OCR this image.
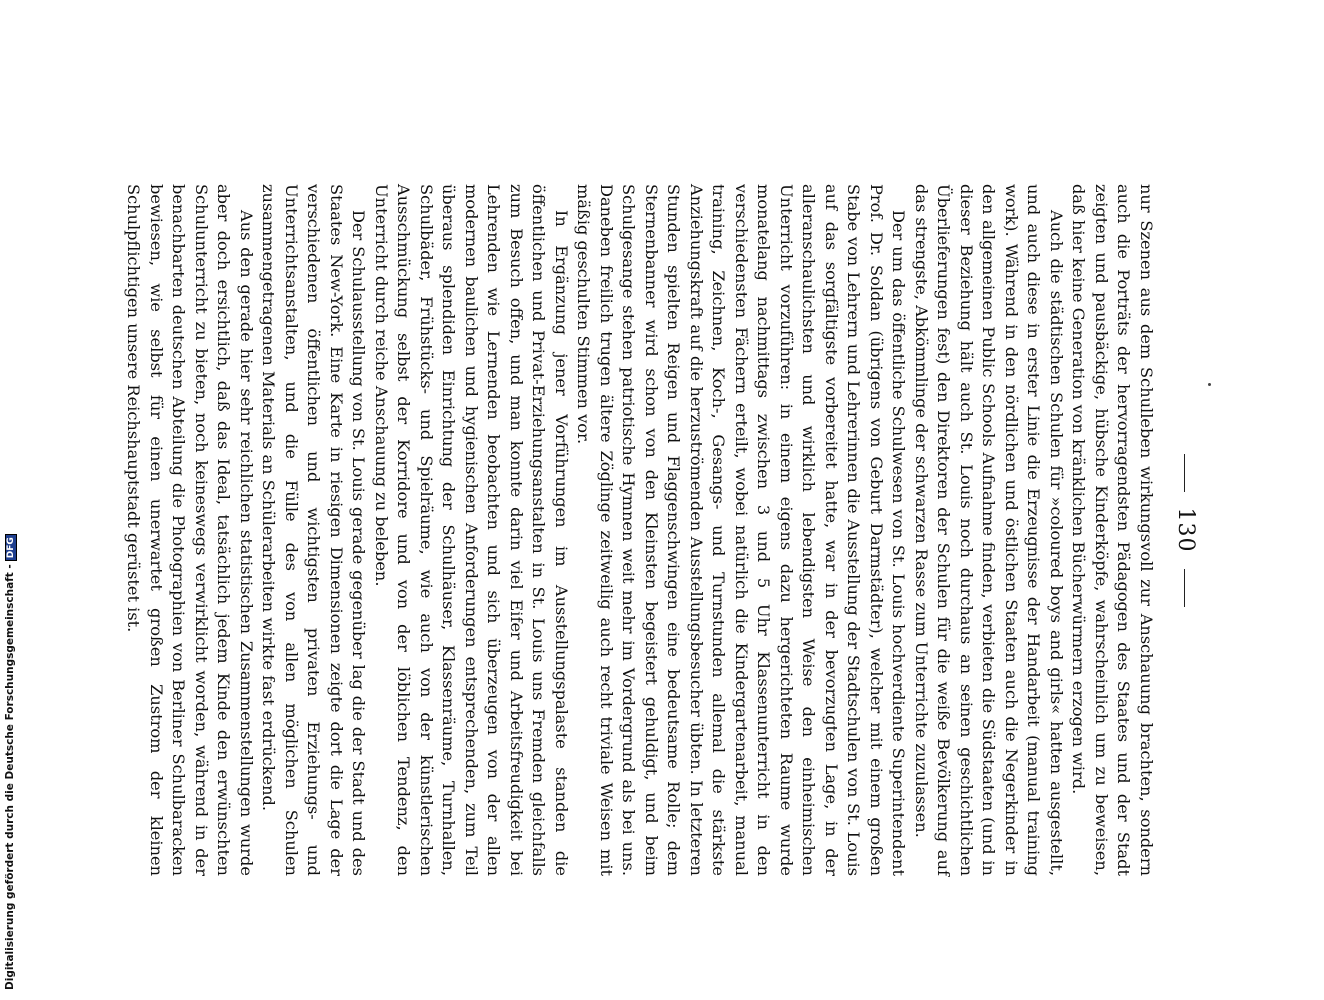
Digitalisierung gefördert durch die Deutsche Forschungsgemeinschaft -DFG	130

nur Szenen aus dem Schulleben wirkungsvoll zur Anschauung brachten, sondern auch die Porträts der hervorragendsten Pädagogen des Staates und der Stadt zeigten und pausbäckige, hübsche Kinderköpfe, wahrscheinlich um zu beweisen, daß hier keine Generation von kränklichen Bücherwürmern erzogen wird.

Auch die städtischen Schulen für »coloured boys and girls« hatten ausgestellt, und auch diese in erster Linie die Erzeugnisse der Handarbeit (manual training work). Während in den nördlichen und östlichen Staaten auch die Negerkinder in den allgemeinen Public Schools Aufnahme finden, verbieten die Südstaaten (und in dieser Beziehung hält auch St. Louis noch durchaus an seinen geschichtlichen Überlieferungen fest) den Direktoren der Schulen für die weiße Bevölkerung auf das strengste, Abkömmlinge der schwarzen Rasse zum Unterrichte zuzulassen.

Der um das öffentliche Schulwesen von St. Louis hochverdiente Superintendent Prof. Dr. Soldan (übrigens von Geburt Darmstädter), welcher mit einem großen Stabe von Lehrern und Lehrerinnen die Ausstellung der Stadtschulen von St. Louis auf das sorgfältigste vorbereitet hatte, war in der bevorzugten Lage, in der alleranschaulichsten und wirklich lebendigsten Weise den einheimischen Unterricht vorzuführen: in einem eigens dazu hergerichteten Raume wurde monatelang nachmittags zwischen 3 und 5 Uhr Klassenunterricht in den verschiedensten Fächern erteilt, wobei natürlich die Kindergartenarbeit, manual training, Zeichnen, Koch-, Gesangs- und Turnstunden allemal die stärkste Anziehungskraft auf die herzuströmenden Ausstellungsbesucher übten. In letzteren Stunden spielten Reigen und Flaggenschwingen eine bedeutsame Rolle; dem Sternenbanner wird schon von den Kleinsten begeistert gehuldigt, und beim Schulgesange stehen patriotische Hymnen weit mehr im Vordergrund als bei uns. Daneben freilich trugen ältere Zöglinge zeitweilig auch recht triviale Weisen mit mäßig geschulten Stimmen vor.

In Ergänzung jener Vorführungen im Ausstellungspalaste standen die öffentlichen und Privat-Erziehungsanstalten in St. Louis uns Fremden gleichfalls zum Besuch offen, und man konnte darin viel Eifer und Arbeitsfreudigkeit bei Lehrenden wie Lernenden beobachten und sich überzeugen von der allen modernen baulichen und hygienischen Anforderungen entsprechenden, zum Teil überaus splendiden Einrichtung der Schulhäuser, Klassenräume, Turnhallen, Schulbäder, Frühstücks- und Spielräume, wie auch von der künstlerischen Ausschmückung selbst der Korridore und von der löblichen Tendenz, den Unterricht durch reiche Anschauung zu beleben.

Der Schulausstellung von St. Louis gerade gegenüber lag die der Stadt und des Staates New-York. Eine Karte in riesigen Dimensionen zeigte dort die Lage der verschiedenen öffentlichen und wichtigsten privaten Erziehungs- und Unterrichtsanstalten, und die Fülle des von allen möglichen Schulen zusammengetragenen Materials an Schülerarbeiten wirkte fast erdrückend.

Aus den gerade hier sehr reichlichen statistischen Zusammenstellungen wurde aber doch ersichtlich, daß das Ideal, tatsächlich jedem Kinde den erwünschten Schulunterricht zu bieten, noch keineswegs verwirklicht worden, während in der benachbarten deutschen Abteilung die Photographien von Berliner Schulbaracken bewiesen, wie selbst für einen unerwartet großen Zustrom der kleinen Schulpflichtigen unsere Reichshauptstadt gerüstet ist.
